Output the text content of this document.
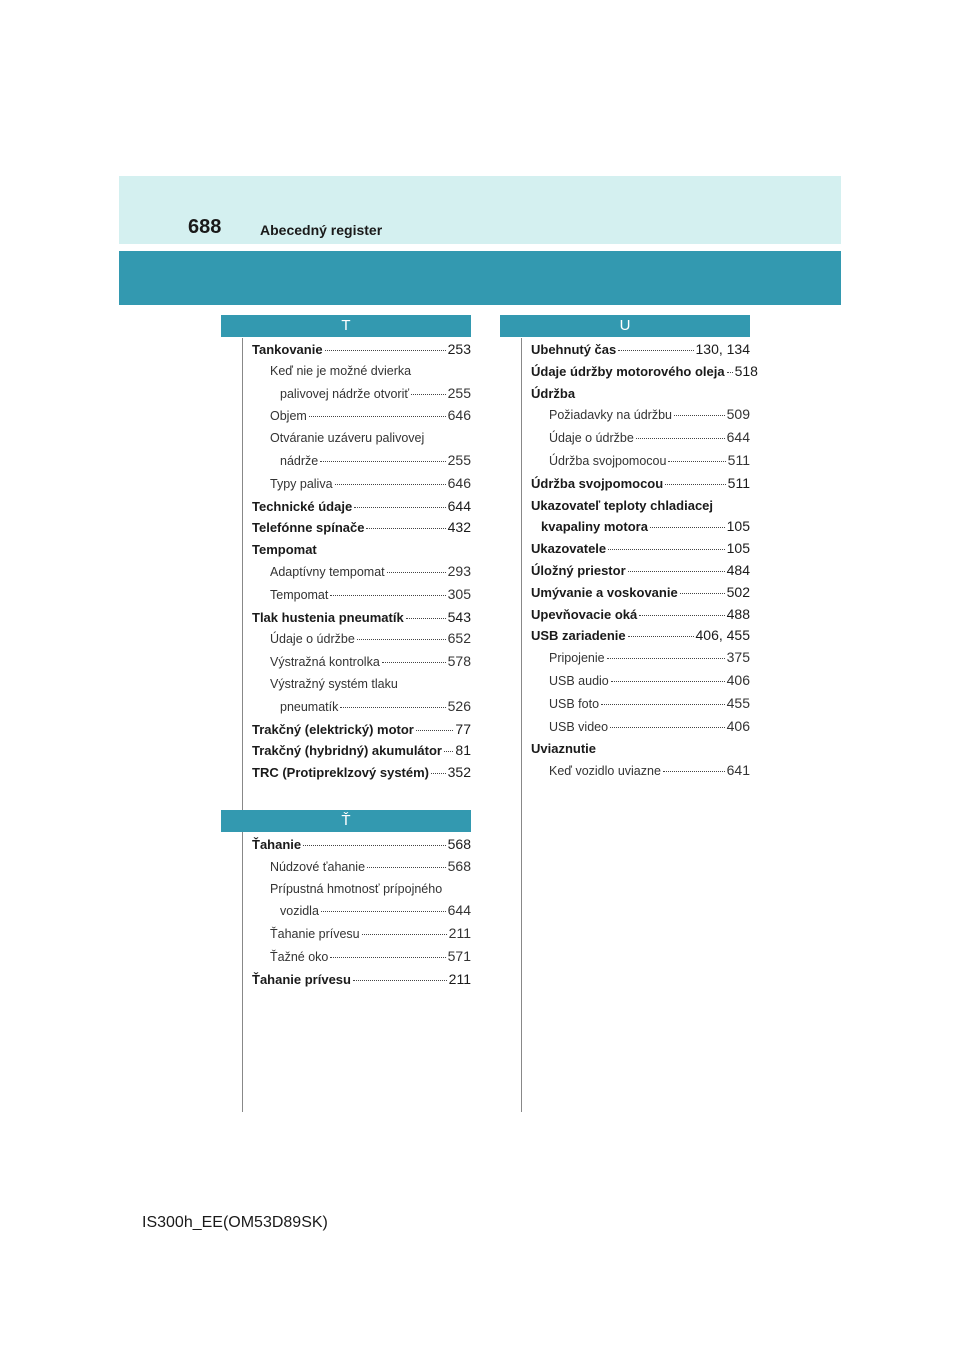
688	Abecedný register
T
Tankovanie	253
Keď nie je možné dvierka
palivovej nádrže otvoriť	255
Objem	646
Otváranie uzáveru palivovej
nádrže	255
Typy paliva	646
Technické údaje	644
Telefónne spínače	432
Tempomat
Adaptívny tempomat	293
Tempomat	305
Tlak hustenia pneumatík	543
Údaje o údržbe	652
Výstražná kontrolka	578
Výstražný systém tlaku
pneumatík	526
Trakčný (elektrický) motor	77
Trakčný (hybridný) akumulátor 81
TRC (Protipreklzový systém) 352
Ť
Ťahanie	568
Núdzové ťahanie	568
Prípustná hmotnosť prípojného
vozidla	644
Ťahanie prívesu	211
Ťažné oko	571
Ťahanie prívesu	211
U
Ubehnutý čas	130, 134
Údaje údržby motorového oleja 518
Údržba
Požiadavky na údržbu	509
Údaje o údržbe	644
Údržba svojpomocou	511
Údržba svojpomocou	511
Ukazovateľ teploty chladiacej
kvapaliny motora	105
Ukazovatele	105
Úložný priestor	484
Umývanie a voskovanie	502
Upevňovacie oká	488
USB zariadenie	406, 455
Pripojenie	375
USB audio	406
USB foto	455
USB video	406
Uviaznutie
Keď vozidlo uviazne	641
IS300h_EE(OM53D89SK)
